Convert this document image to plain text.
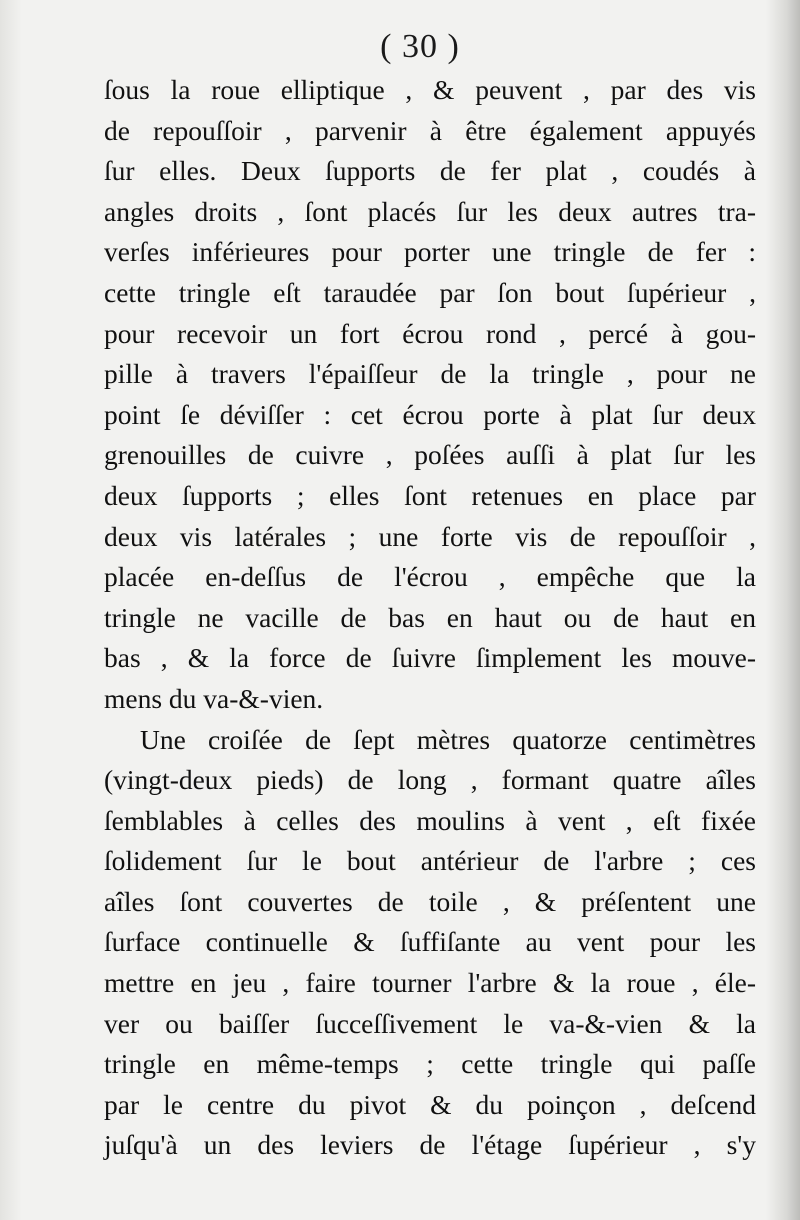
( 30 )
ſous la roue elliptique , & peuvent , par des vis
de repouſſoir , parvenir à être également appuyés
ſur elles. Deux ſupports de fer plat , coudés à
angles droits , ſont placés ſur les deux autres tra-
verſes inférieures pour porter une tringle de fer :
cette tringle eſt taraudée par ſon bout ſupérieur ,
pour recevoir un fort écrou rond , percé à gou-
pille à travers l'épaiſſeur de la tringle , pour ne
point ſe déviſſer : cet écrou porte à plat ſur deux
grenouilles de cuivre , poſées auſſi à plat ſur les
deux ſupports ; elles ſont retenues en place par
deux vis latérales ; une forte vis de repouſſoir ,
placée en-deſſus de l'écrou , empêche que la
tringle ne vacille de bas en haut ou de haut en
bas , & la force de ſuivre ſimplement les mouve-
mens du va-&-vien.
Une croiſée de ſept mètres quatorze centimètres
(vingt-deux pieds) de long , formant quatre aîles
ſemblables à celles des moulins à vent , eſt fixée
ſolidement ſur le bout antérieur de l'arbre ; ces
aîles ſont couvertes de toile , & préſentent une
ſurface continuelle & ſuffiſante au vent pour les
mettre en jeu , faire tourner l'arbre & la roue , éle-
ver ou baiſſer ſucceſſivement le va-&-vien & la
tringle en même-temps ; cette tringle qui paſſe
par le centre du pivot & du poinçon , deſcend
juſqu'à un des leviers de l'étage ſupérieur , s'y
